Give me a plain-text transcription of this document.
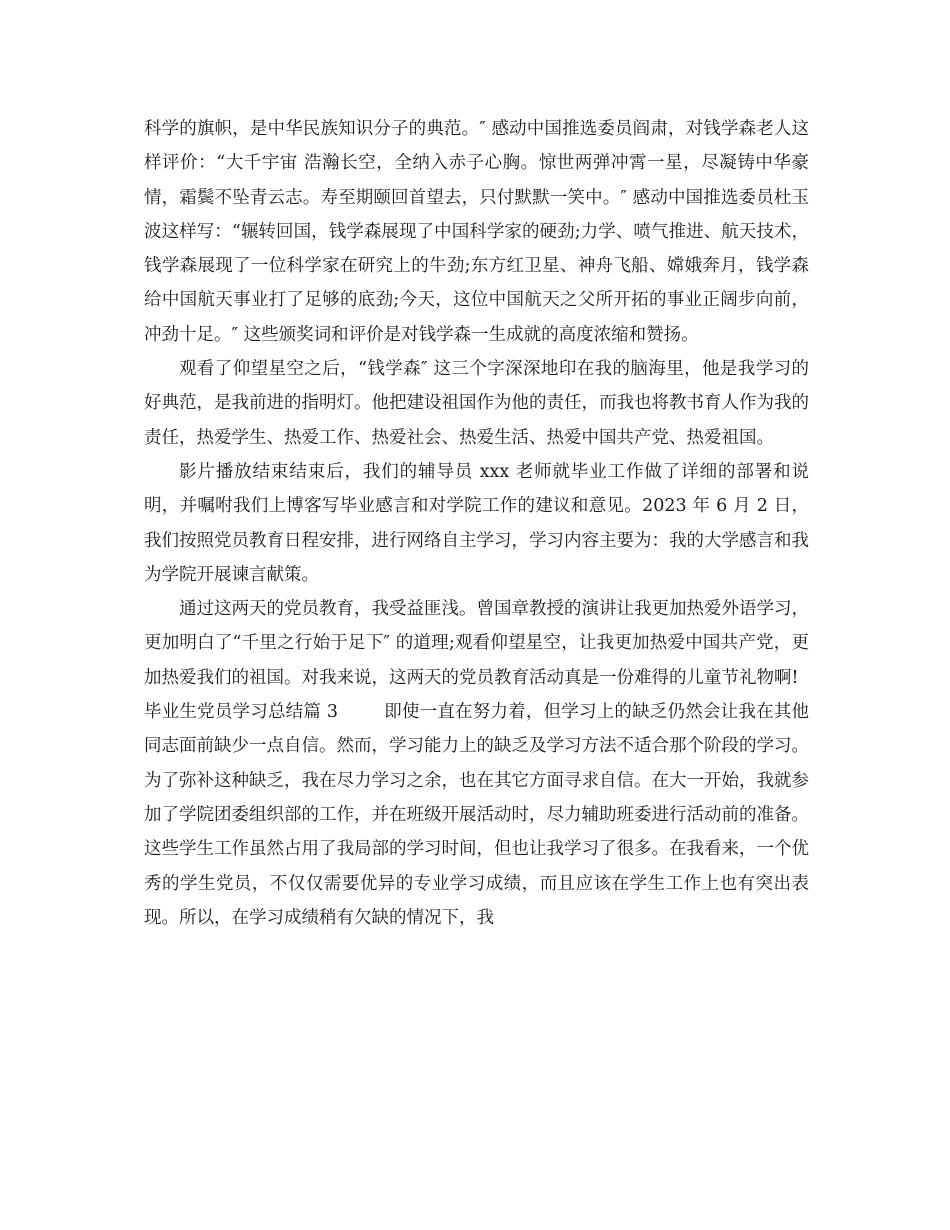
科学的旗帜，是中华民族知识分子的典范。″ 感动中国推选委员阎肃，对钱学森老人这样评价：“大千宇宙 浩瀚长空，全纳入赤子心胸。惊世两弹冲霄一星，尽凝铸中华豪情，霜鬓不坠青云志。寿至期颐回首望去，只付默默一笑中。″ 感动中国推选委员杜玉波这样写：“辗转回国，钱学森展现了中国科学家的硬劲;力学、喷气推进、航天技术，钱学森展现了一位科学家在研究上的牛劲;东方红卫星、神舟飞船、嫦娥奔月，钱学森给中国航天事业打了足够的底劲;今天，这位中国航天之父所开拓的事业正阔步向前，冲劲十足。″ 这些颁奖词和评价是对钱学森一生成就的高度浓缩和赞扬。

观看了仰望星空之后，“钱学森″ 这三个字深深地印在我的脑海里，他是我学习的好典范，是我前进的指明灯。他把建设祖国作为他的责任，而我也将教书育人作为我的责任，热爱学生、热爱工作、热爱社会、热爱生活、热爱中国共产党、热爱祖国。

影片播放结束结束后，我们的辅导员 xxx 老师就毕业工作做了详细的部署和说明，并嘱咐我们上博客写毕业感言和对学院工作的建议和意见。2023 年 6 月 2 日，我们按照党员教育日程安排，进行网络自主学习，学习内容主要为：我的大学感言和我为学院开展谏言献策。

通过这两天的党员教育，我受益匪浅。曾国章教授的演讲让我更加热爱外语学习，更加明白了“千里之行始于足下″ 的道理;观看仰望星空，让我更加热爱中国共产党，更加热爱我们的祖国。对我来说，这两天的党员教育活动真是一份难得的儿童节礼物啊!

毕业生党员学习总结篇 3	即使一直在努力着，但学习上的缺乏仍然会让我在其他同志面前缺少一点自信。然而，学习能力上的缺乏及学习方法不适合那个阶段的学习。为了弥补这种缺乏，我在尽力学习之余，也在其它方面寻求自信。在大一开始，我就参加了学院团委组织部的工作，并在班级开展活动时，尽力辅助班委进行活动前的准备。这些学生工作虽然占用了我局部的学习时间，但也让我学习了很多。在我看来，一个优秀的学生党员，不仅仅需要优异的专业学习成绩，而且应该在学生工作上也有突出表现。所以，在学习成绩稍有欠缺的情况下，我
